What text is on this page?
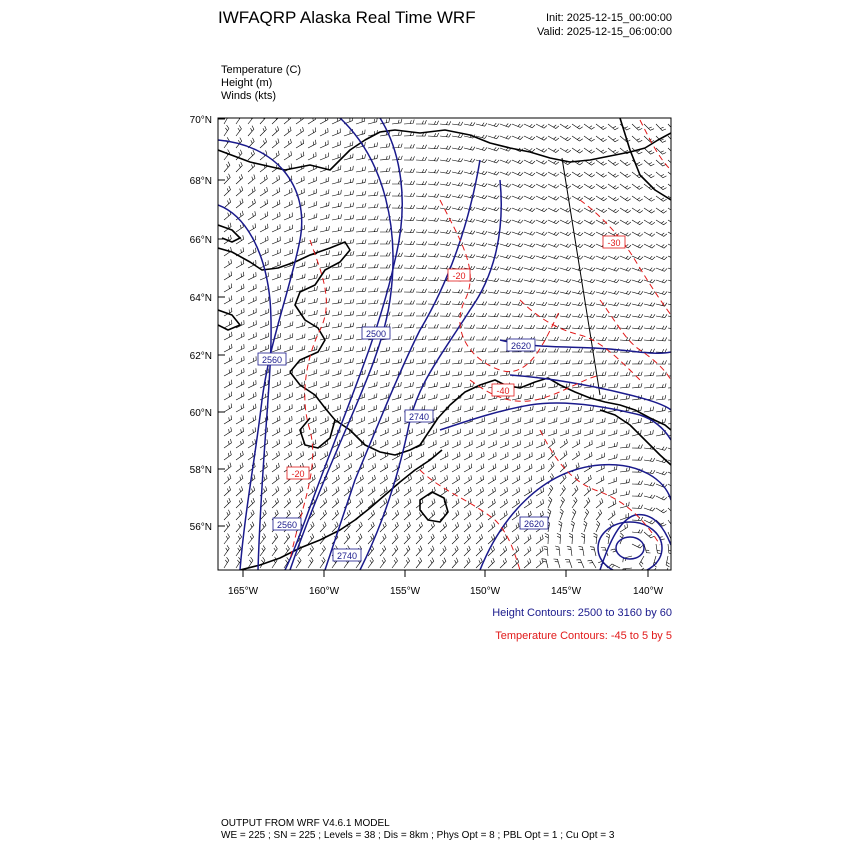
IWFAQRP Alaska Real Time WRF	Init: 2025-12-15_00:00:00
Valid: 2025-12-15_06:00:00
Temperature (C)
Height (m)
Winds (kts)
2560
2500
2740
2620
2560
2740
2620
-20
-30
-40
-20
70°N
68°N
66°N
64°N
62°N
60°N
58°N
56°N
165°W	160°W	155°W	150°W	145°W	140°W
Height Contours: 2500 to 3160 by 60
Temperature Contours: -45 to 5 by 5
OUTPUT FROM WRF V4.6.1 MODEL
WE = 225 ; SN = 225 ; Levels = 38 ; Dis = 8km ; Phys Opt = 8 ; PBL Opt = 1 ; Cu Opt = 3
